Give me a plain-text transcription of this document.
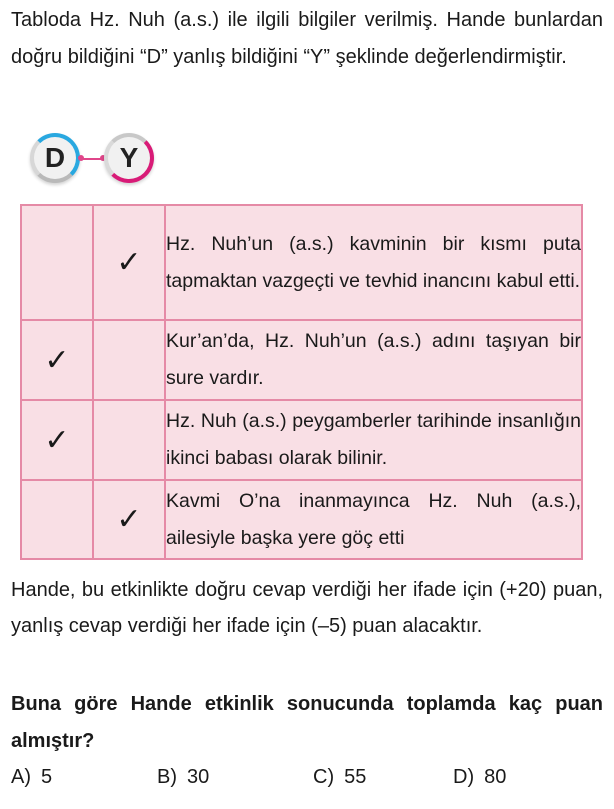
Tabloda Hz. Nuh (a.s.) ile ilgili bilgiler verilmiş. Hande bunlardan doğru bildiğini “D” yanlış bildiğini “Y” şeklinde değerlendirmiştir.

D	Y
	✓	Hz. Nuh’un (a.s.) kavminin bir kısmı puta tapmaktan vazgeçti ve tevhid inancını kabul etti.
✓		Kur’an’da, Hz. Nuh’un (a.s.) adını taşıyan bir sure vardır.
✓		Hz. Nuh (a.s.) peygamberler tarihinde insanlığın ikinci babası olarak bilinir.
	✓	Kavmi O’na inanmayınca Hz. Nuh (a.s.), ailesiyle başka yere göç etti

Hande, bu etkinlikte doğru cevap verdiği her ifade için (+20) puan, yanlış cevap verdiği her ifade için (–5) puan alacaktır.

Buna göre Hande etkinlik sonucunda toplamda kaç puan almıştır?

A) 5	B) 30	C) 55	D) 80
